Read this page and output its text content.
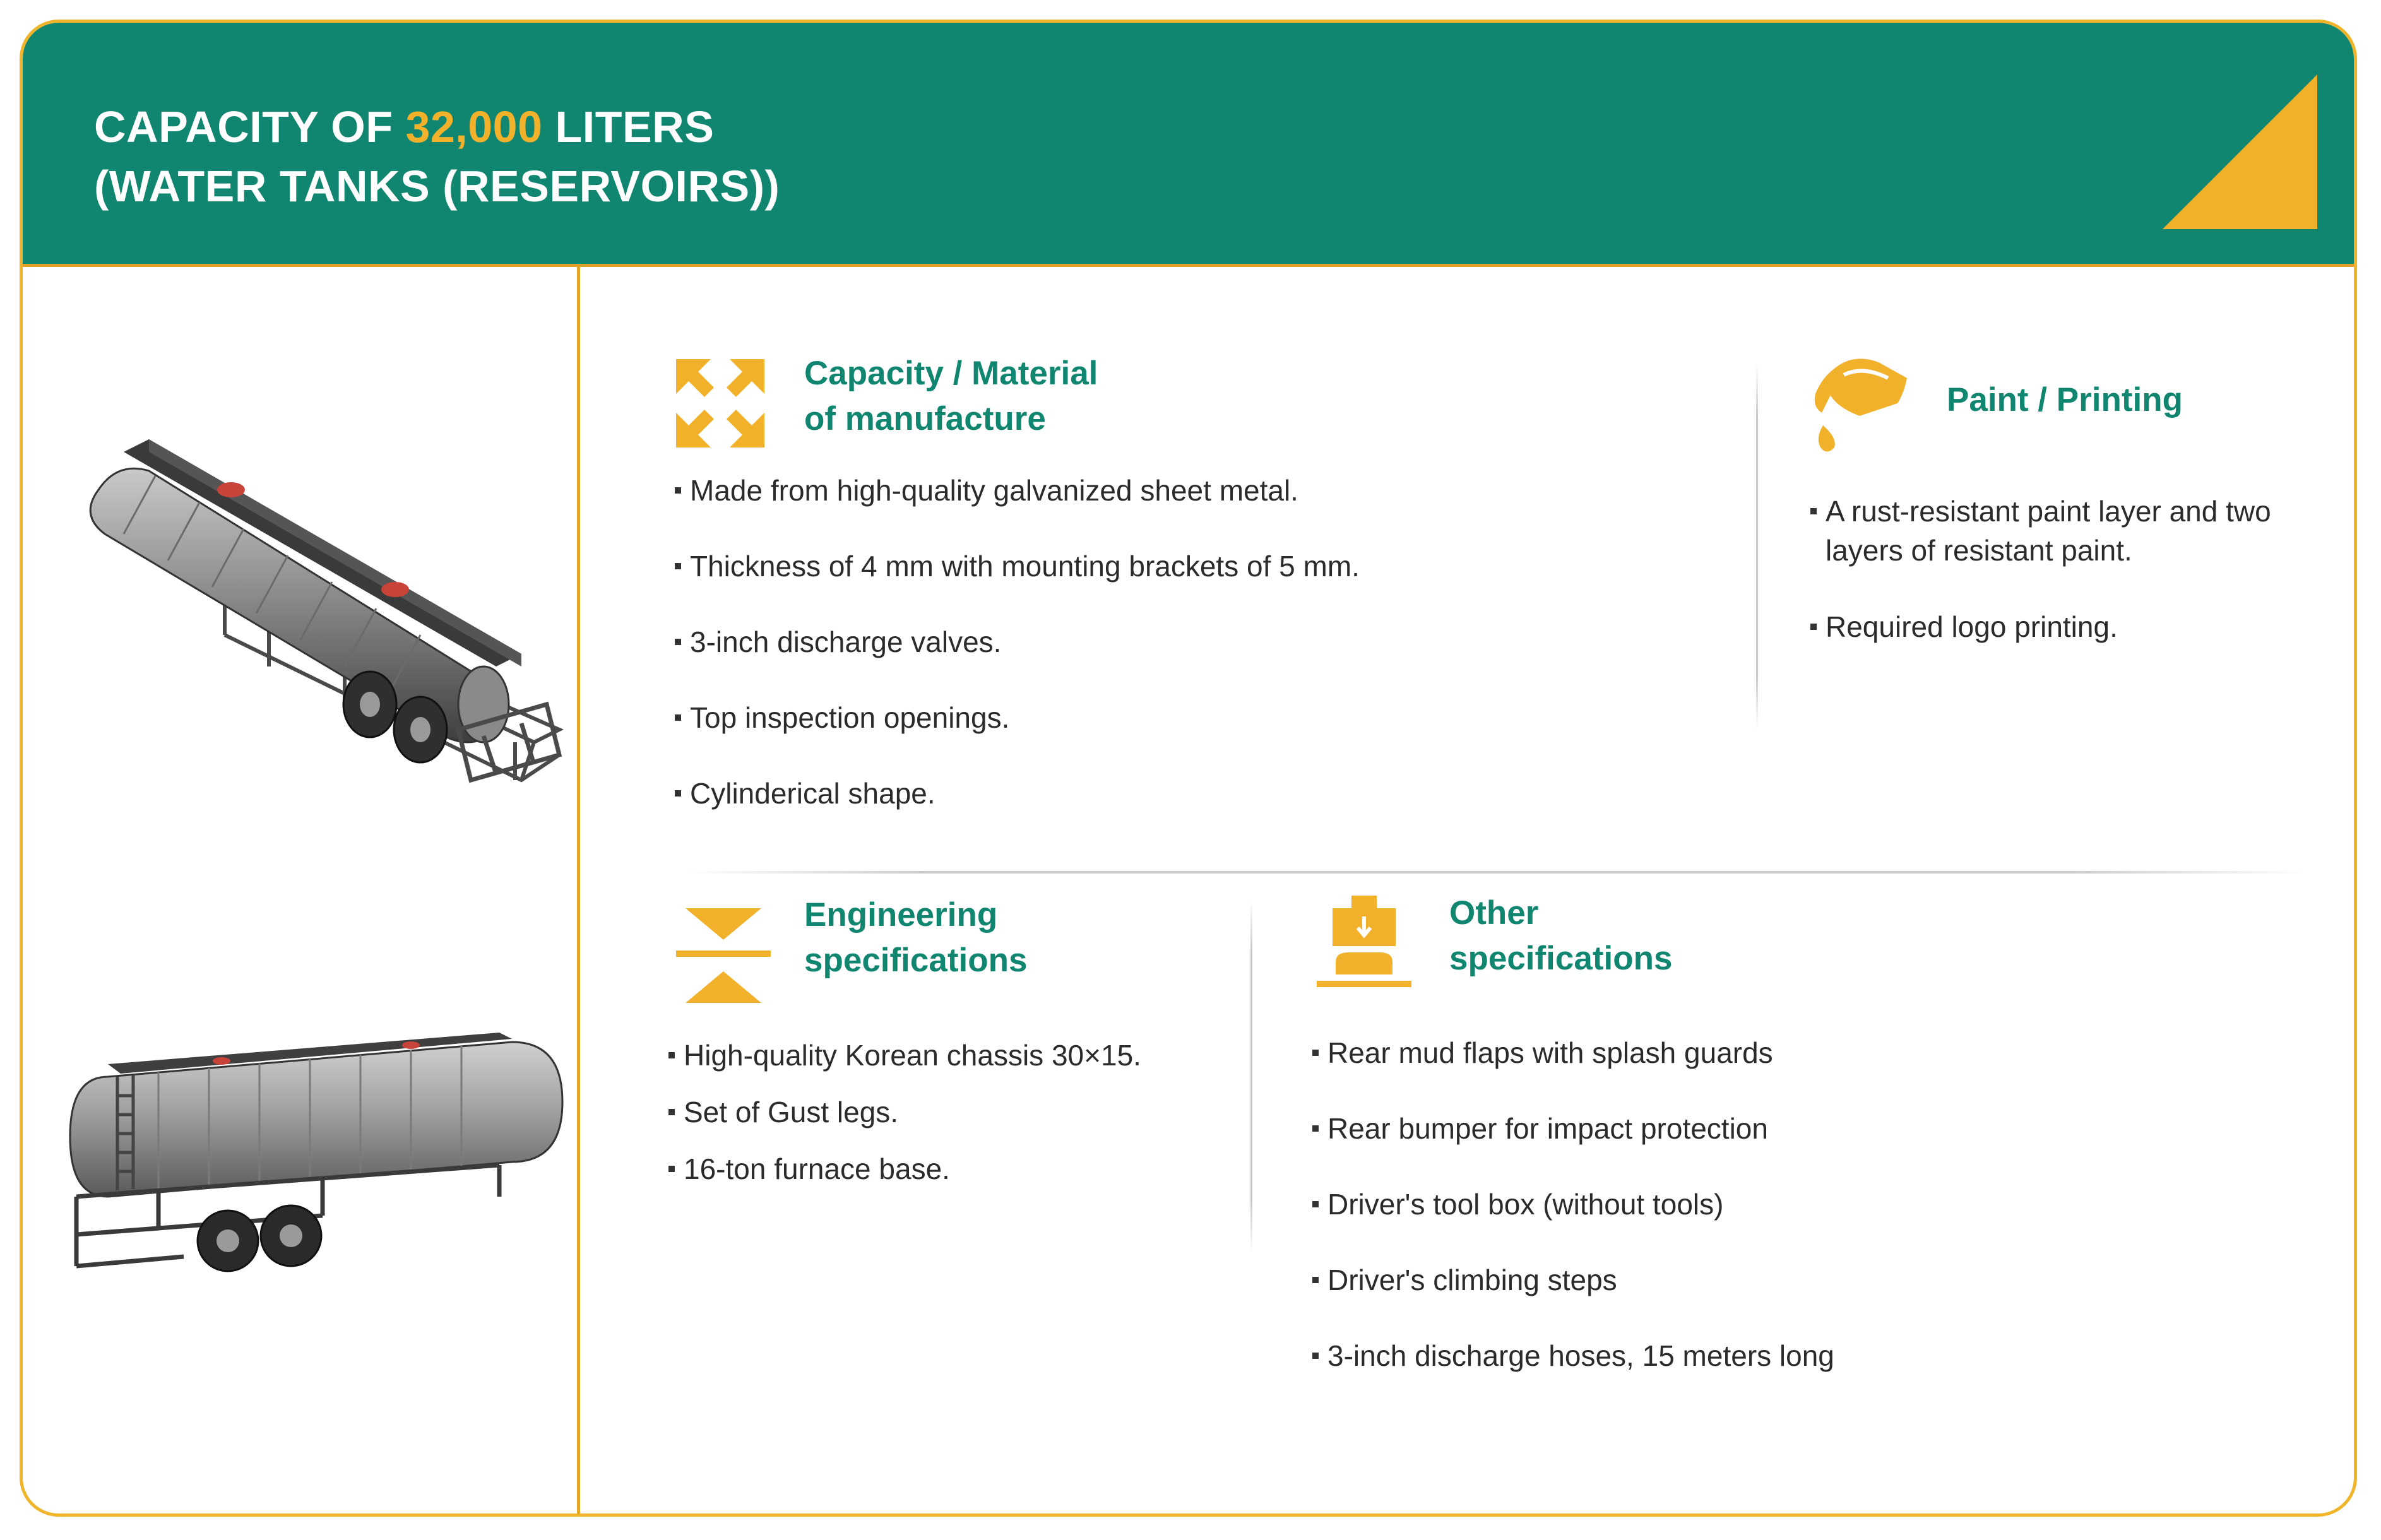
CAPACITY OF 32,000 LITERS
(WATER TANKS (RESERVOIRS))
Capacity / Material
of manufacture
Made from high-quality galvanized sheet metal.
Thickness of 4 mm with mounting brackets of 5 mm.
3-inch discharge valves.
Top inspection openings.
Cylinderical shape.
Paint / Printing
A rust-resistant paint layer and two
layers of resistant paint.
Required logo printing.
Engineering
specifications
High-quality Korean chassis 30×15.
Set of Gust legs.
16-ton furnace base.
Other
specifications
Rear mud flaps with splash guards
Rear bumper for impact protection
Driver's tool box (without tools)
Driver's climbing steps
3-inch discharge hoses, 15 meters long
